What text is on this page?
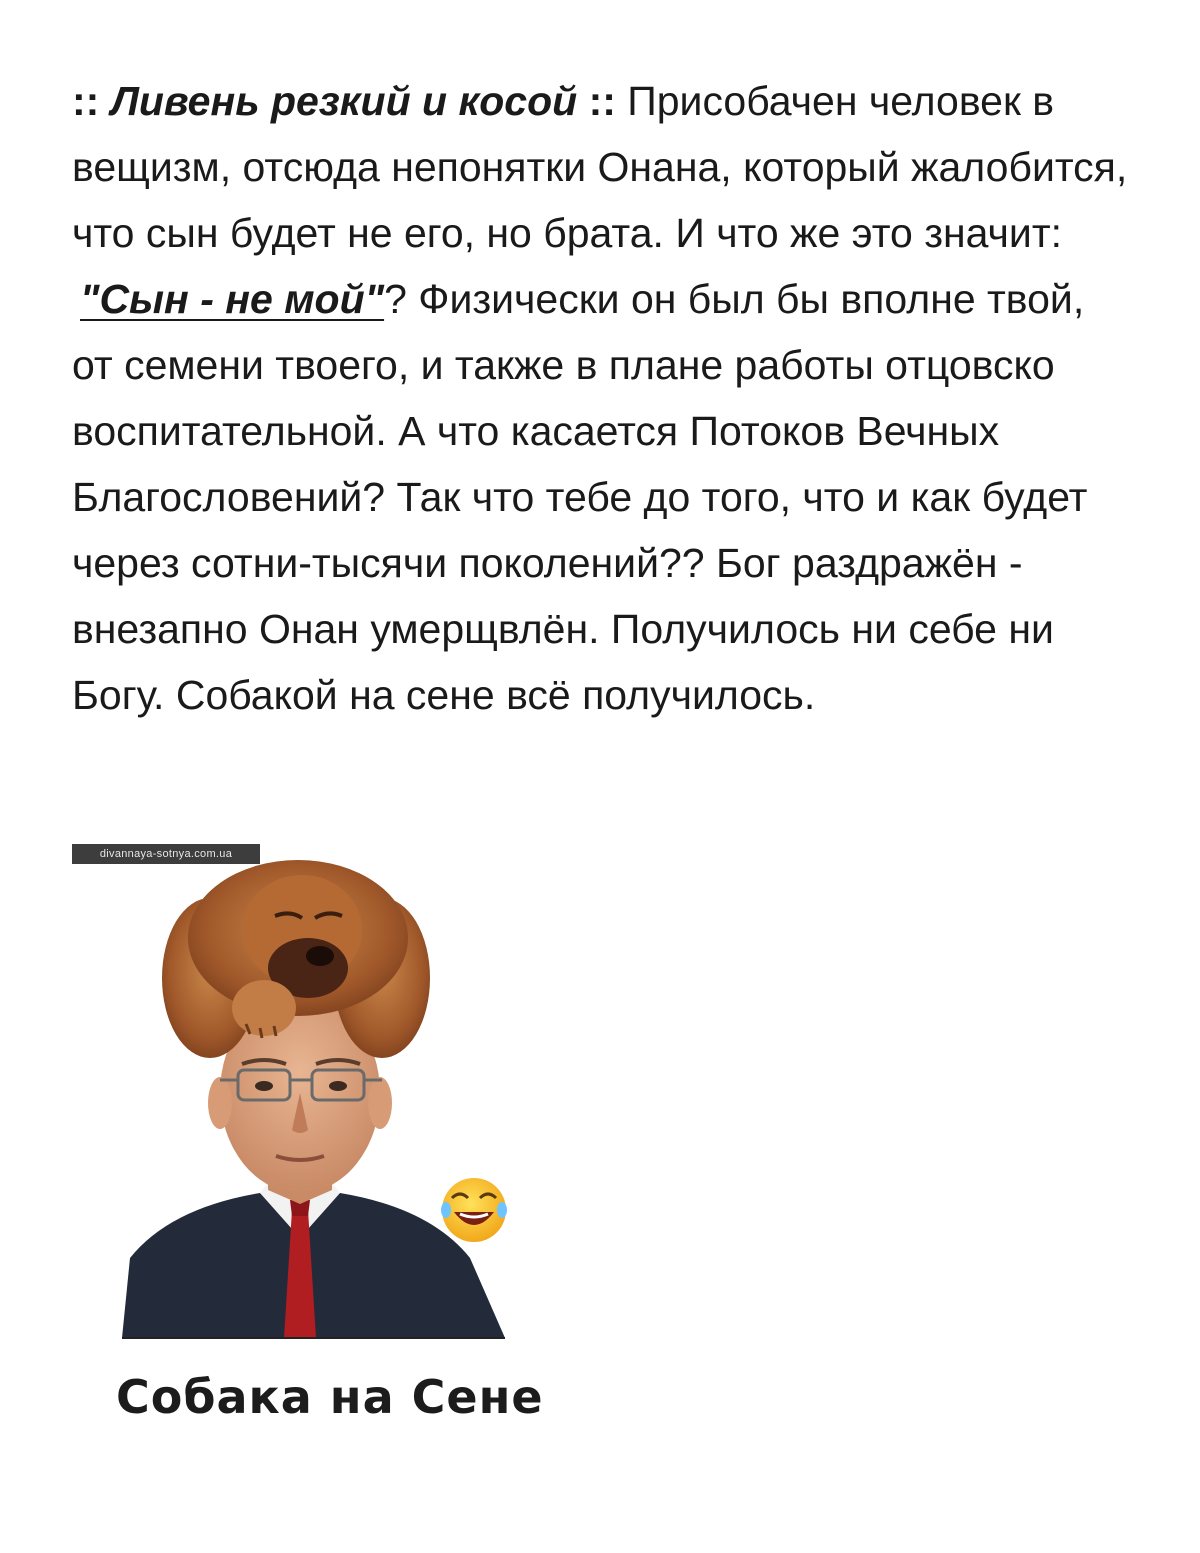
:: Ливень резкий и косой :: Присобачен человек в вещизм, отсюда непонятки Онана, который жалобится, что сын будет не его, но брата. И что же это значит: "Сын - не мой"? Физически он был бы вполне твой, от семени твоего, и также в плане работы отцовско воспитательной. А что касается Потоков Вечных Благословений? Так что тебе до того, что и как будет через сотни-тысячи поколений?? Бог раздражён - внезапно Онан умерщвлён. Получилось ни себе ни Богу. Собакой на сене всё получилось.

divannaya-sotnya.com.ua
Собака на Сене
